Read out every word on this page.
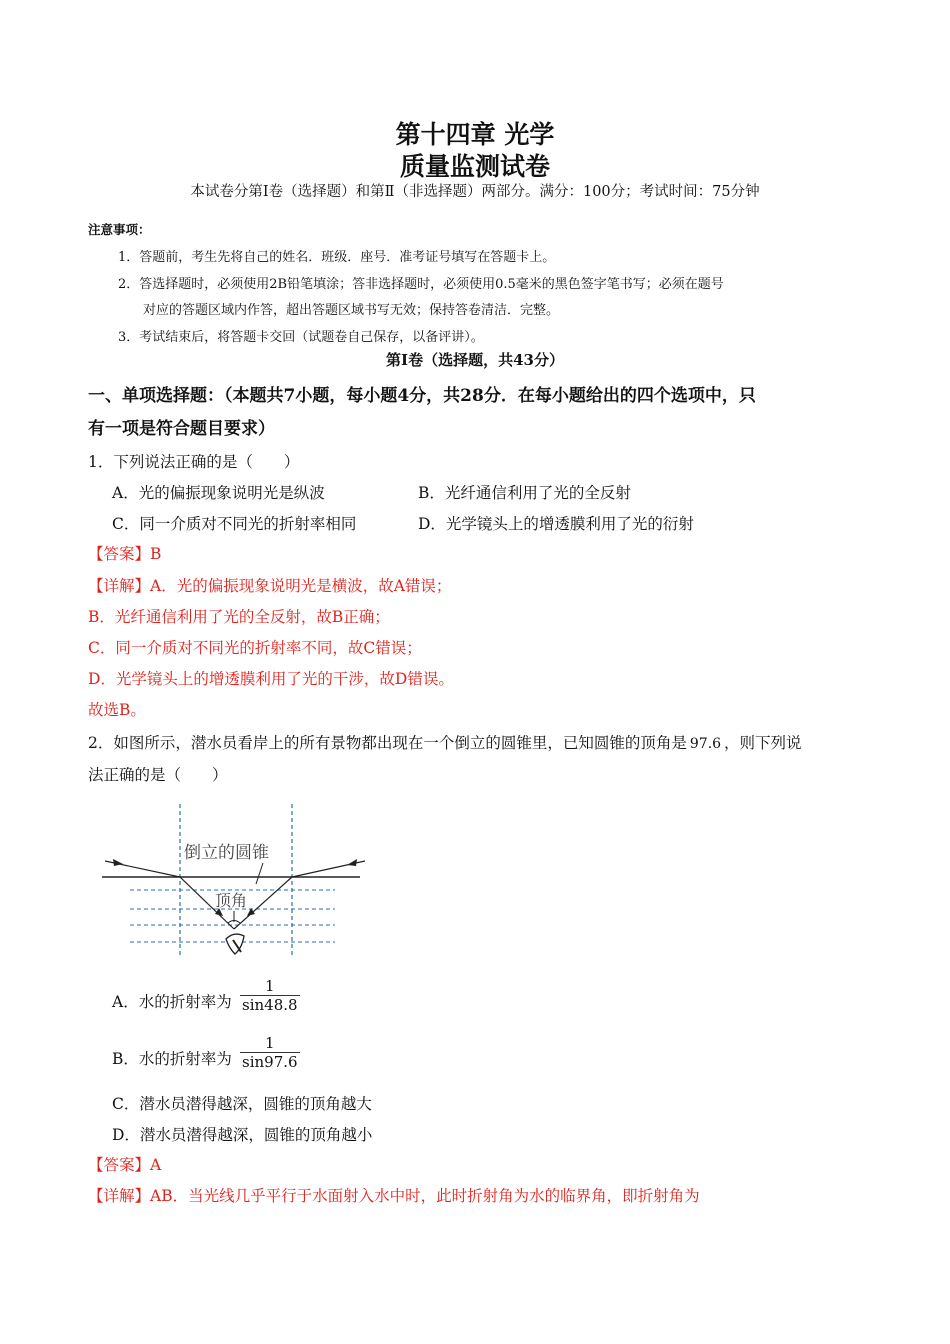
第十四章 光学
质量监测试卷
本试卷分第Ⅰ卷（选择题）和第Ⅱ（非选择题）两部分。满分：100分；考试时间：75分钟
注意事项：
1．答题前，考生先将自己的姓名．班级．座号．准考证号填写在答题卡上。
2．答选择题时，必须使用2B铅笔填涂；答非选择题时，必须使用0.5毫米的黑色签字笔书写；必须在题号
对应的答题区域内作答，超出答题区域书写无效；保持答卷清洁．完整。
3．考试结束后，将答题卡交回（试题卷自己保存，以备评讲）。
第Ⅰ卷（选择题，共43分）
一、单项选择题：（本题共7小题，每小题4分，共28分．在每小题给出的四个选项中，只
有一项是符合题目要求）
1．下列说法正确的是（　　）
A．光的偏振现象说明光是纵波	B．光纤通信利用了光的全反射
C．同一介质对不同光的折射率相同	D．光学镜头上的增透膜利用了光的衍射
【答案】B
【详解】A．光的偏振现象说明光是横波，故A错误；
B．光纤通信利用了光的全反射，故B正确；
C．同一介质对不同光的折射率不同，故C错误；
D．光学镜头上的增透膜利用了光的干涉，故D错误。
故选B。
2．如图所示，潜水员看岸上的所有景物都出现在一个倒立的圆锥里，已知圆锥的顶角是 97.6 ，则下列说
法正确的是（　　）
倒立的圆锥
顶角
A．水的折射率为 $\frac{1}{\sin 48.8}$
B．水的折射率为 $\frac{1}{\sin 97.6}$
C．潜水员潜得越深，圆锥的顶角越大
D．潜水员潜得越深，圆锥的顶角越小
【答案】A
【详解】AB．当光线几乎平行于水面射入水中时，此时折射角为水的临界角，即折射角为
